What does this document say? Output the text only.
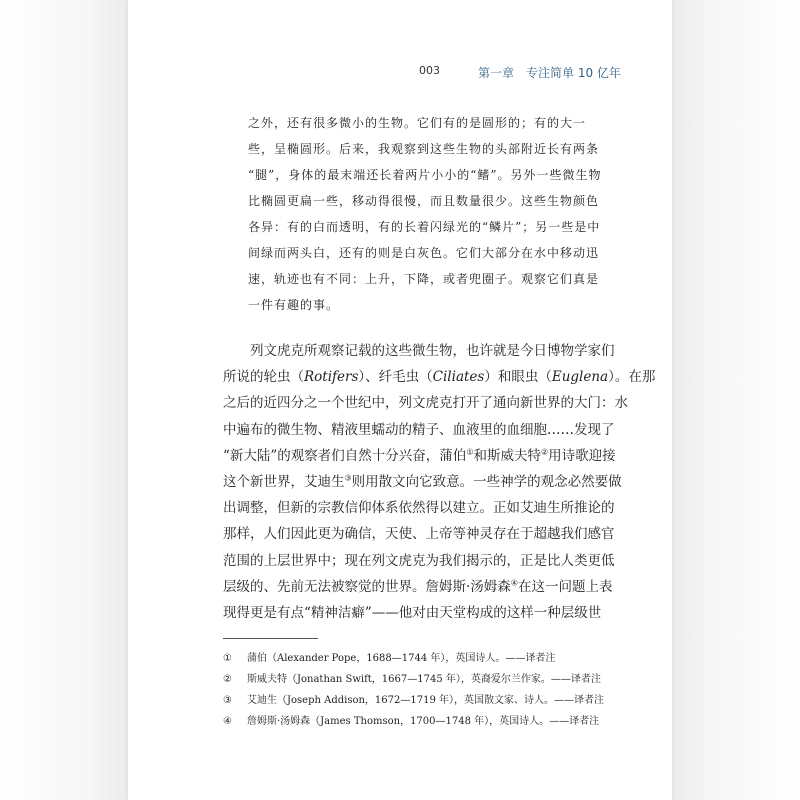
003	第一章　专注简单 10 亿年
之外，还有很多微小的生物。它们有的是圆形的；有的大一
些，呈椭圆形。后来，我观察到这些生物的头部附近长有两条
“腿”，身体的最末端还长着两片小小的“鳍”。另外一些微生物
比椭圆更扁一些，移动得很慢，而且数量很少。这些生物颜色
各异：有的白而透明，有的长着闪绿光的“鳞片”；另一些是中
间绿而两头白，还有的则是白灰色。它们大部分在水中移动迅
速，轨迹也有不同：上升，下降，或者兜圈子。观察它们真是
一件有趣的事。
　　列文虎克所观察记载的这些微生物，也许就是今日博物学家们
所说的轮虫（Rotifers）、纤毛虫（Ciliates）和眼虫（Euglena）。在那
之后的近四分之一个世纪中，列文虎克打开了通向新世界的大门：水
中遍布的微生物、精液里蠕动的精子、血液里的血细胞……发现了
“新大陆”的观察者们自然十分兴奋，蒲伯①和斯威夫特②用诗歌迎接
这个新世界，艾迪生③则用散文向它致意。一些神学的观念必然要做
出调整，但新的宗教信仰体系依然得以建立。正如艾迪生所推论的
那样，人们因此更为确信，天使、上帝等神灵存在于超越我们感官
范围的上层世界中；现在列文虎克为我们揭示的，正是比人类更低
层级的、先前无法被察觉的世界。詹姆斯·汤姆森④在这一问题上表
现得更是有点“精神洁癖”——他对由天堂构成的这样一种层级世
① 蒲伯（Alexander Pope，1688—1744 年），英国诗人。——译者注
② 斯威夫特（Jonathan Swift，1667—1745 年），英裔爱尔兰作家。——译者注
③ 艾迪生（Joseph Addison，1672—1719 年），英国散文家、诗人。——译者注
④ 詹姆斯·汤姆森（James Thomson，1700—1748 年），英国诗人。——译者注
